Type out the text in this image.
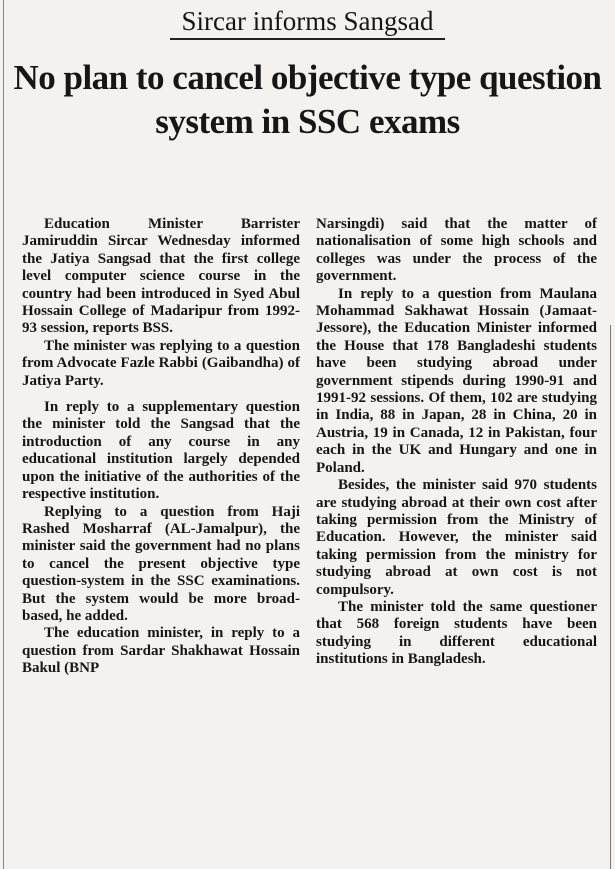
Sircar informs Sangsad
No plan to cancel objective type question system in SSC exams

Education Minister Barrister Jamiruddin Sircar Wednesday informed the Jatiya Sangsad that the first college level computer science course in the country had been introduced in Syed Abul Hossain College of Madaripur from 1992-93 session, reports BSS.

The minister was replying to a question from Advocate Fazle Rabbi (Gaibandha) of Jatiya Party.

In reply to a supplementary question the minister told the Sangsad that the introduction of any course in any educational institution largely depended upon the initiative of the authorities of the respective institution.

Replying to a question from Haji Rashed Mosharraf (AL-Jamalpur), the minister said the government had no plans to cancel the present objective type question-system in the SSC examinations. But the system would be more broad-based, he added.

The education minister, in reply to a question from Sardar Shakhawat Hossain Bakul (BNP

Narsingdi) said that the matter of nationalisation of some high schools and colleges was under the process of the government.

In reply to a question from Maulana Mohammad Sakhawat Hossain (Jamaat-Jessore), the Education Minister informed the House that 178 Bangladeshi students have been studying abroad under government stipends during 1990-91 and 1991-92 sessions. Of them, 102 are studying in India, 88 in Japan, 28 in China, 20 in Austria, 19 in Canada, 12 in Pakistan, four each in the UK and Hungary and one in Poland.

Besides, the minister said 970 students are studying abroad at their own cost after taking permission from the Ministry of Education. However, the minister said taking permission from the ministry for studying abroad at own cost is not compulsory.

The minister told the same questioner that 568 foreign students have been studying in different educational institutions in Bangladesh.
